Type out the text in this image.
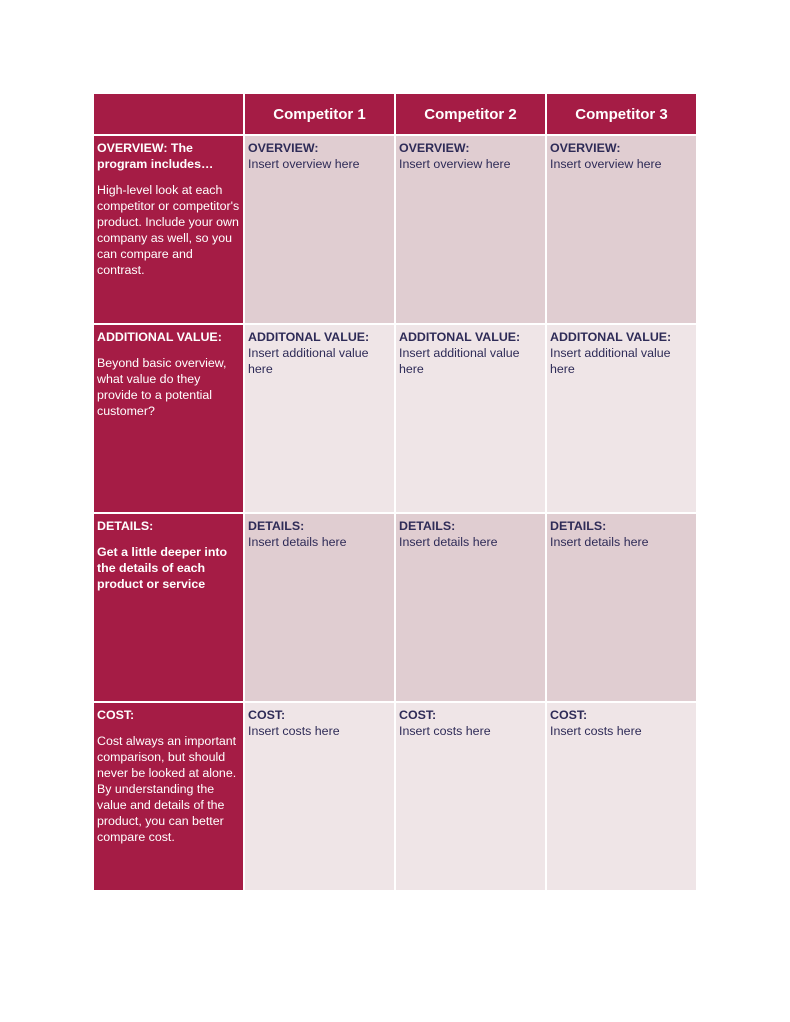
Competitor 1	Competitor 2	Competitor 3
OVERVIEW: The program includes…
High-level look at each competitor or competitor's product. Include your own company as well, so you can compare and contrast.
OVERVIEW:
Insert overview here
OVERVIEW:
Insert overview here
OVERVIEW:
Insert overview here
ADDITIONAL VALUE:
Beyond basic overview, what value do they provide to a potential customer?
ADDITONAL VALUE:
Insert additional value here
ADDITONAL VALUE:
Insert additional value here
ADDITONAL VALUE:
Insert additional value here
DETAILS:
Get a little deeper into the details of each product or service
DETAILS:
Insert details here
DETAILS:
Insert details here
DETAILS:
Insert details here
COST:
Cost always an important comparison, but should never be looked at alone. By understanding the value and details of the product, you can better compare cost.
COST:
Insert costs here
COST:
Insert costs here
COST:
Insert costs here
